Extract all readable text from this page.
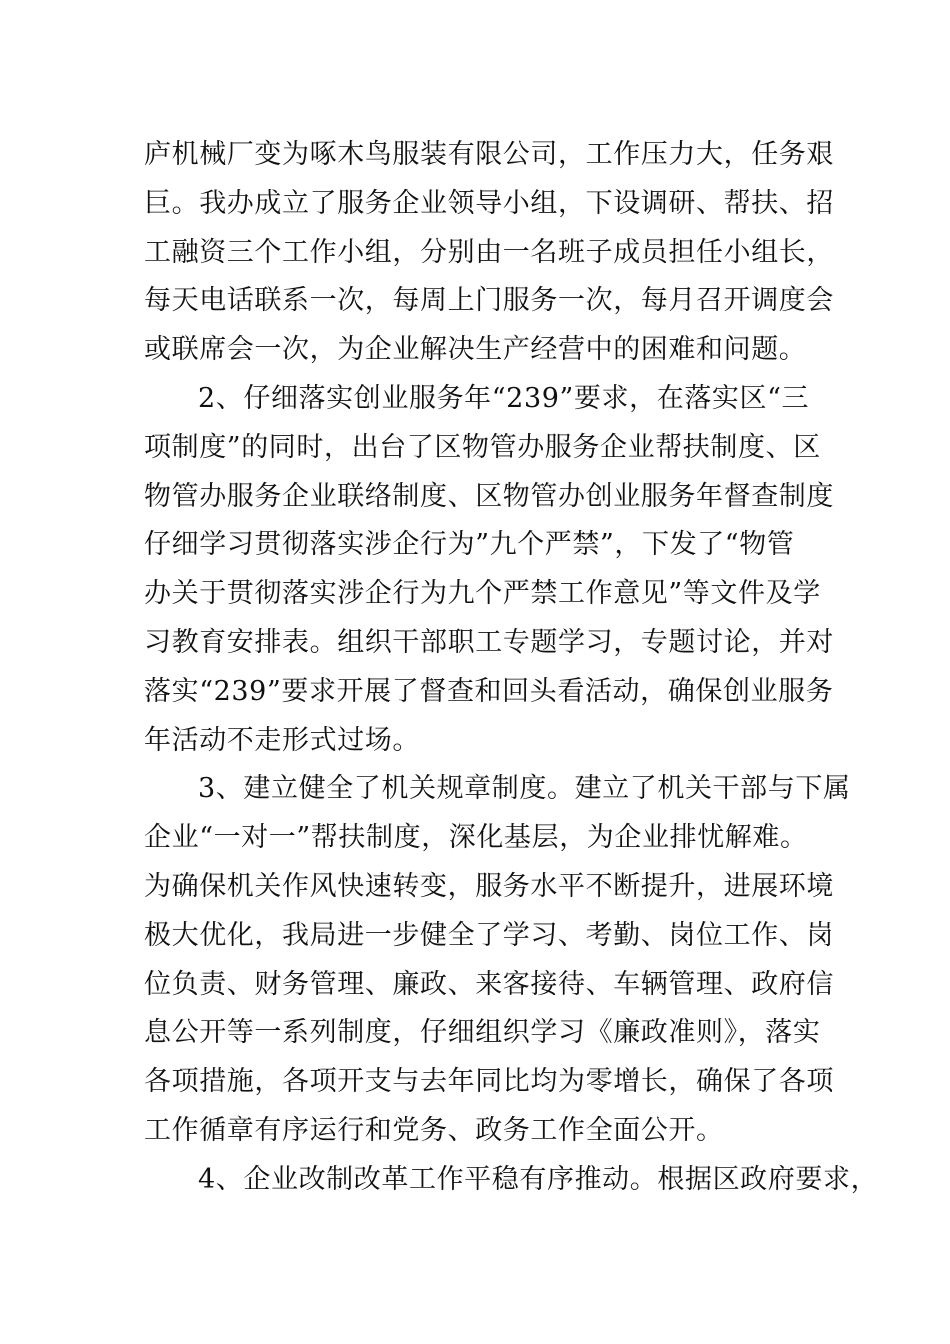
庐机械厂变为啄木鸟服装有限公司，工作压力大，任务艰
巨。我办成立了服务企业领导小组，下设调研、帮扶、招
工融资三个工作小组，分别由一名班子成员担任小组长，
每天电话联系一次，每周上门服务一次，每月召开调度会
或联席会一次，为企业解决生产经营中的困难和问题。
2、仔细落实创业服务年“239”要求，在落实区“三
项制度”的同时，出台了区物管办服务企业帮扶制度、区
物管办服务企业联络制度、区物管办创业服务年督查制度
仔细学习贯彻落实涉企行为”九个严禁”，下发了“物管
办关于贯彻落实涉企行为九个严禁工作意见”等文件及学
习教育安排表。组织干部职工专题学习，专题讨论，并对
落实“239”要求开展了督查和回头看活动，确保创业服务
年活动不走形式过场。
3、建立健全了机关规章制度。建立了机关干部与下属
企业“一对一”帮扶制度，深化基层，为企业排忧解难。
为确保机关作风快速转变，服务水平不断提升，进展环境
极大优化，我局进一步健全了学习、考勤、岗位工作、岗
位负责、财务管理、廉政、来客接待、车辆管理、政府信
息公开等一系列制度，仔细组织学习《廉政准则》，落实
各项措施，各项开支与去年同比均为零增长，确保了各项
工作循章有序运行和党务、政务工作全面公开。
4、企业改制改革工作平稳有序推动。根据区政府要求，
